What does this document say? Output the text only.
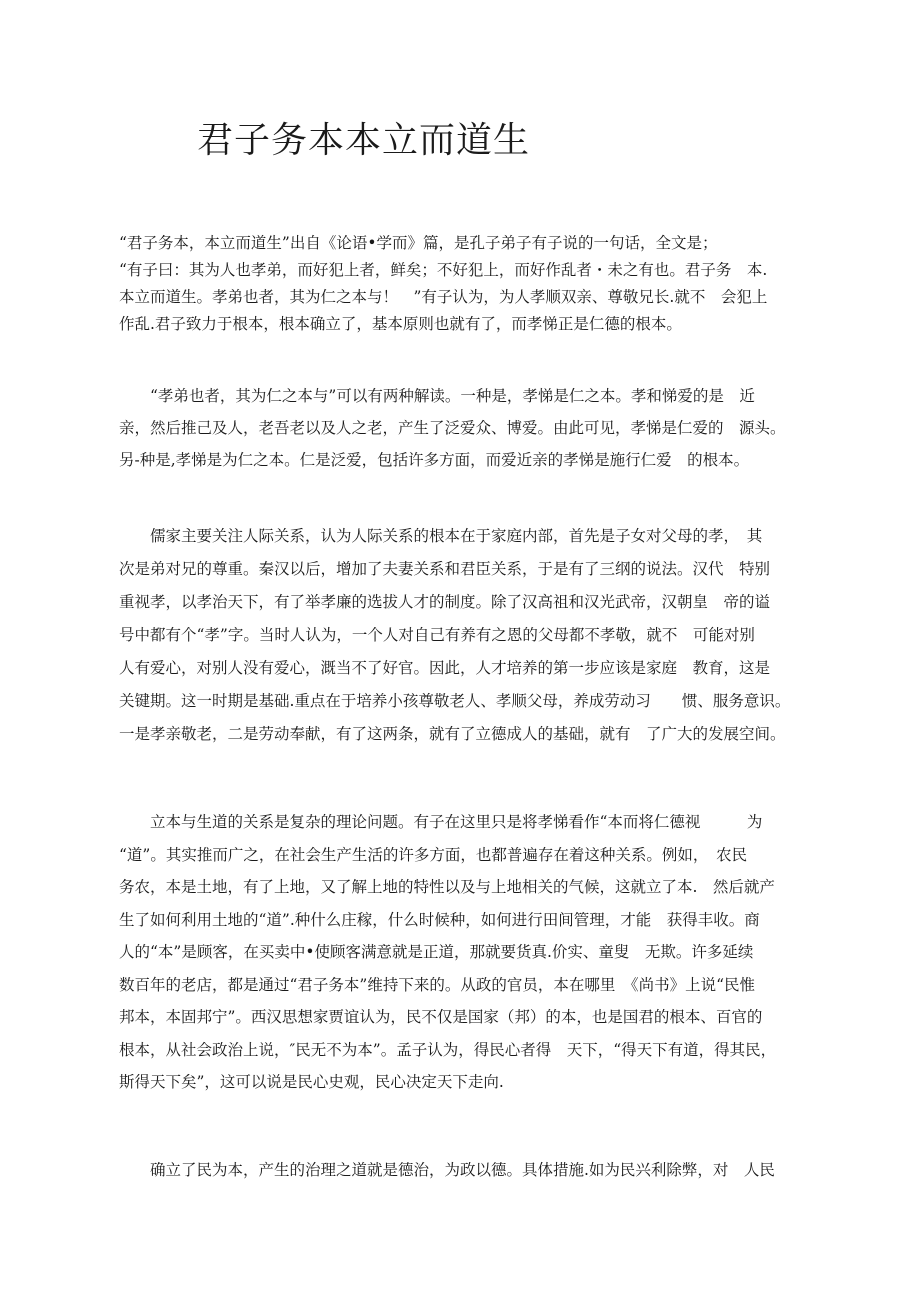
君子务本本立而道生
“君子务本，本立而道生”出自《论语•学而》篇，是孔子弟子有子说的一句话，全文是；
“有子曰：其为人也孝弟，而好犯上者，鲜矣；不好犯上，而好作乱者・未之有也。君子务　本.
本立而道生。孝弟也者，其为仁之本与！　”有子认为，为人孝顺双亲、尊敬兄长.就不　会犯上
作乱.君子致力于根本，根本确立了，基本原则也就有了，而孝悌正是仁德的根本。
　　“孝弟也者，其为仁之本与”可以有两种解读。一种是，孝悌是仁之本。孝和悌爱的是　近
亲，然后推己及人，老吾老以及人之老，产生了泛爱众、博爱。由此可见，孝悌是仁爱的　源头。
另-种是,孝悌是为仁之本。仁是泛爱，包括许多方面，而爱近亲的孝悌是施行仁爱　的根本。
　　儒家主要关注人际关系，认为人际关系的根本在于家庭内部，首先是子女对父母的孝，　其
次是弟对兄的尊重。秦汉以后，增加了夫妻关系和君臣关系，于是有了三纲的说法。汉代　特别
重视孝，以孝治天下，有了举孝廉的选拔人才的制度。除了汉高祖和汉光武帝，汉朝皇　帝的谥
号中都有个“孝”字。当时人认为，一个人对自己有养有之恩的父母都不孝敬，就不　可能对别
人有爱心，对别人没有爱心，溉当不了好官。因此，人才培养的第一步应该是家庭　教育，这是
关键期。这一时期是基础.重点在于培养小孩尊敬老人、孝顺父母，养成劳动习　　惯、服务意识。
一是孝亲敬老，二是劳动奉献，有了这两条，就有了立德成人的基础，就有　了广大的发展空间。
　　立本与生道的关系是复杂的理论问题。有子在这里只是将孝悌看作“本而将仁德视　　　为
“道”。其实推而广之，在社会生产生活的许多方面，也都普遍存在着这种关系。例如，　农民
务农，本是土地，有了上地，又了解上地的特性以及与上地相关的气候，这就立了本.　然后就产
生了如何利用土地的“道”.种什么庄稼，什么时候种，如何进行田间管理，才能　获得丰收。商
人的“本”是顾客，在买卖中•使顾客满意就是正道，那就要货真.价实、童叟　无欺。许多延续
数百年的老店，都是通过“君子务本”维持下来的。从政的官员，本在哪里　《尚书》上说“民惟
邦本，本固邦宁”。西汉思想家贾谊认为，民不仅是国家（邦）的本，也是国君的根本、百官的
根本，从社会政治上说，″民无不为本”。孟子认为，得民心者得　天下，“得天下有道，得其民，
斯得天下矣”，这可以说是民心史观，民心决定天下走向.
　　确立了民为本，产生的治理之道就是德治，为政以德。具体措施.如为民兴利除弊，对　人民
